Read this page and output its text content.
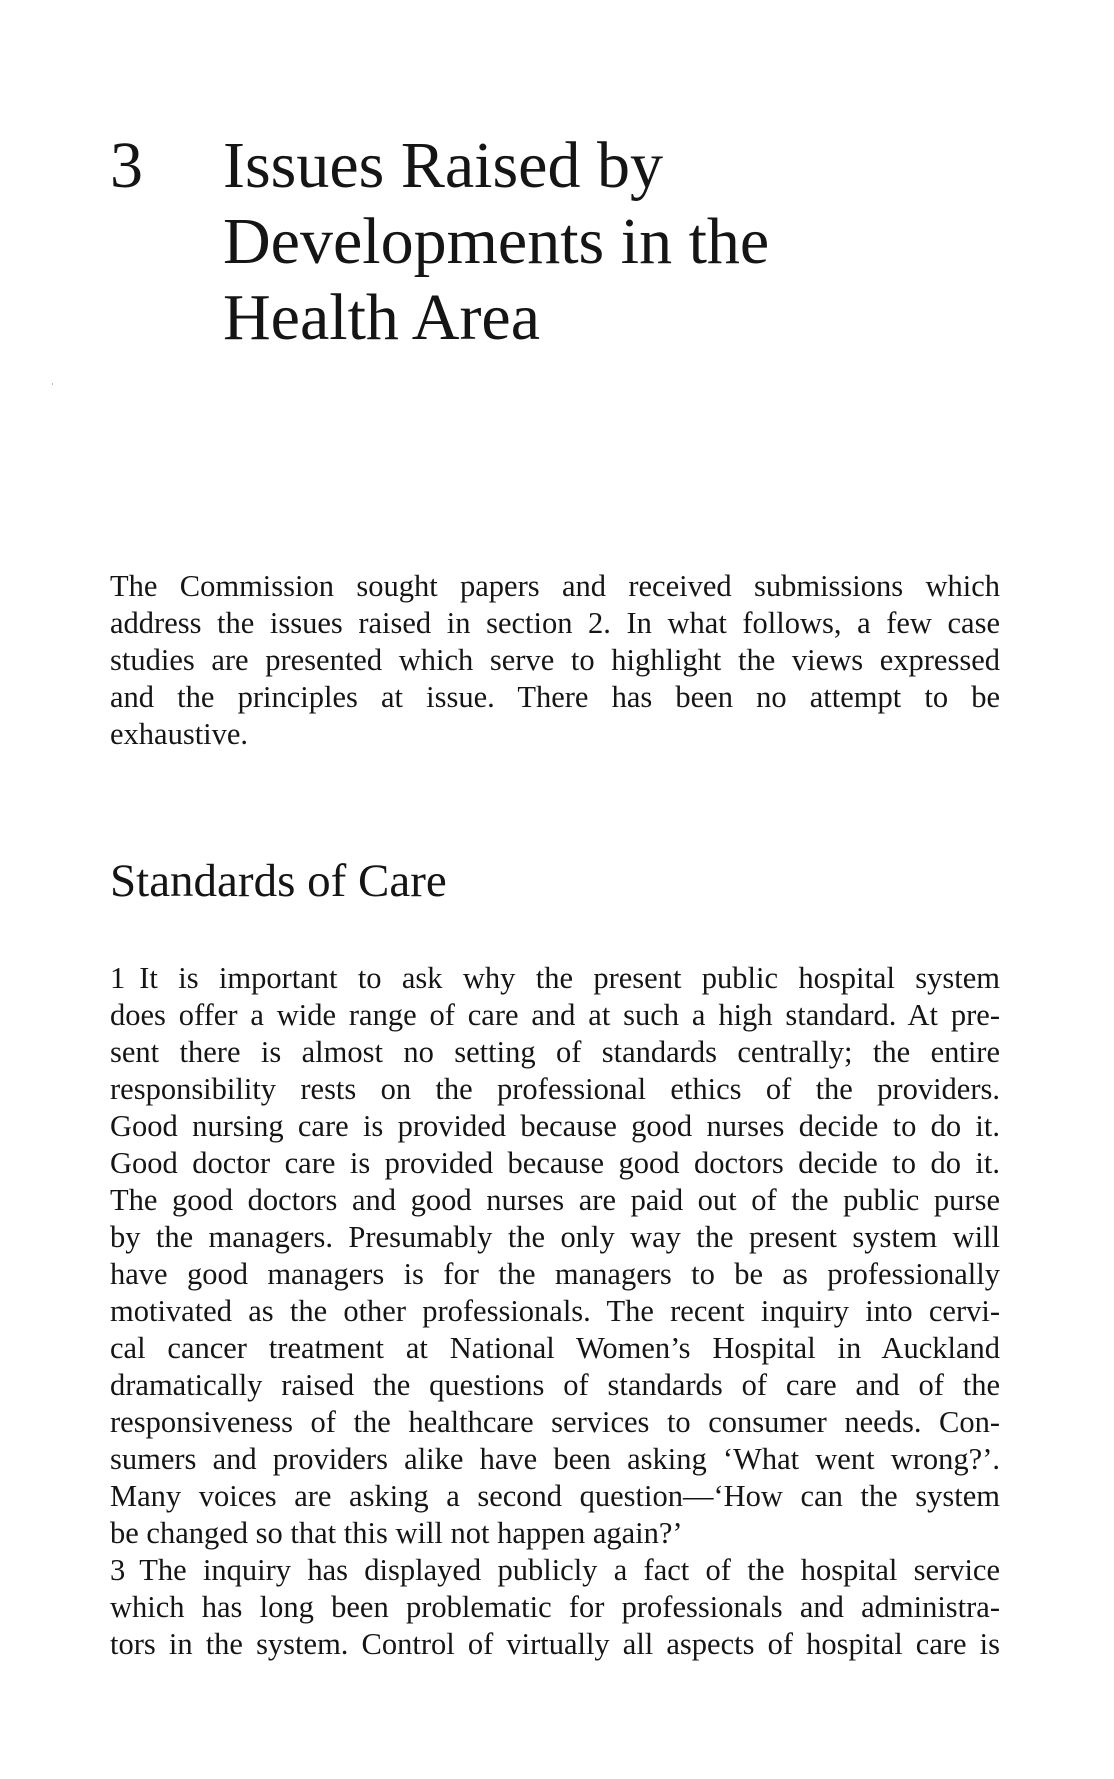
3 Issues Raised by
Developments in the
Health Area
The Commission sought papers and received submissions which
address the issues raised in section 2. In what follows, a few case
studies are presented which serve to highlight the views expressed
and the principles at issue. There has been no attempt to be
exhaustive.
Standards of Care
1 It is important to ask why the present public hospital system
does offer a wide range of care and at such a high standard. At pre-
sent there is almost no setting of standards centrally; the entire
responsibility rests on the professional ethics of the providers.
Good nursing care is provided because good nurses decide to do it.
Good doctor care is provided because good doctors decide to do it.
The good doctors and good nurses are paid out of the public purse
by the managers. Presumably the only way the present system will
have good managers is for the managers to be as professionally
motivated as the other professionals. The recent inquiry into cervi-
cal cancer treatment at National Women’s Hospital in Auckland
dramatically raised the questions of standards of care and of the
responsiveness of the healthcare services to consumer needs. Con-
sumers and providers alike have been asking ‘What went wrong?’.
Many voices are asking a second question—‘How can the system
be changed so that this will not happen again?’
3 The inquiry has displayed publicly a fact of the hospital service
which has long been problematic for professionals and administra-
tors in the system. Control of virtually all aspects of hospital care is
